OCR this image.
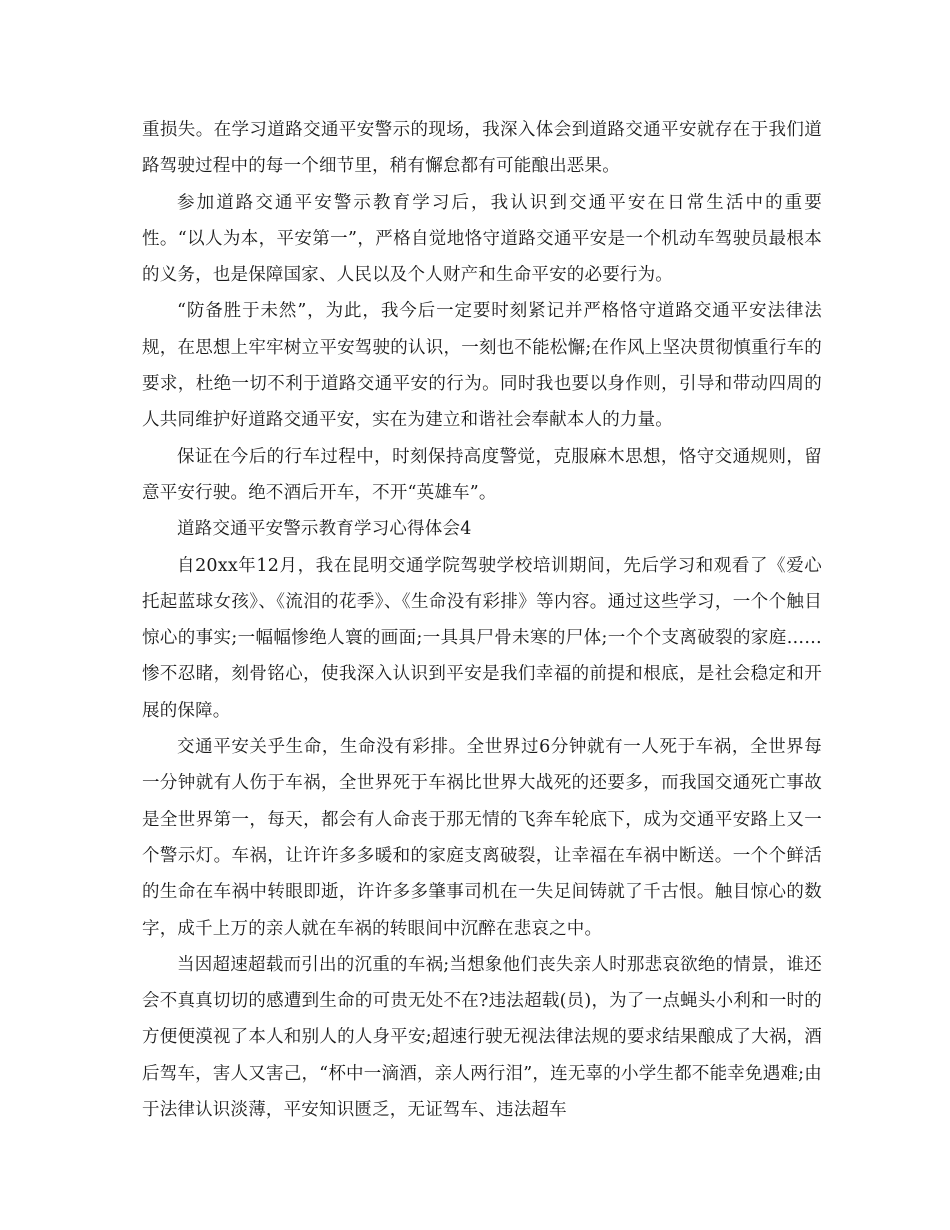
重损失。在学习道路交通平安警示的现场，我深入体会到道路交通平安就存在于我们道路驾驶过程中的每一个细节里，稍有懈怠都有可能酿出恶果。

参加道路交通平安警示教育学习后，我认识到交通平安在日常生活中的重要性。“以人为本，平安第一”，严格自觉地恪守道路交通平安是一个机动车驾驶员最根本的义务，也是保障国家、人民以及个人财产和生命平安的必要行为。

“防备胜于未然”，为此，我今后一定要时刻紧记并严格恪守道路交通平安法律法规，在思想上牢牢树立平安驾驶的认识，一刻也不能松懈;在作风上坚决贯彻慎重行车的要求，杜绝一切不利于道路交通平安的行为。同时我也要以身作则，引导和带动四周的人共同维护好道路交通平安，实在为建立和谐社会奉献本人的力量。

保证在今后的行车过程中，时刻保持高度警觉，克服麻木思想，恪守交通规则，留意平安行驶。绝不酒后开车，不开“英雄车”。

道路交通平安警示教育学习心得体会4

自20xx年12月，我在昆明交通学院驾驶学校培训期间，先后学习和观看了《爱心托起蓝球女孩》、《流泪的花季》、《生命没有彩排》等内容。通过这些学习，一个个触目惊心的事实;一幅幅惨绝人寰的画面;一具具尸骨未寒的尸体;一个个支离破裂的家庭……惨不忍睹，刻骨铭心，使我深入认识到平安是我们幸福的前提和根底，是社会稳定和开展的保障。

交通平安关乎生命，生命没有彩排。全世界过6分钟就有一人死于车祸，全世界每一分钟就有人伤于车祸，全世界死于车祸比世界大战死的还要多，而我国交通死亡事故是全世界第一，每天，都会有人命丧于那无情的飞奔车轮底下，成为交通平安路上又一个警示灯。车祸，让许许多多暖和的家庭支离破裂，让幸福在车祸中断送。一个个鲜活的生命在车祸中转眼即逝，许许多多肇事司机在一失足间铸就了千古恨。触目惊心的数字，成千上万的亲人就在车祸的转眼间中沉醉在悲哀之中。

当因超速超载而引出的沉重的车祸;当想象他们丧失亲人时那悲哀欲绝的情景，谁还会不真真切切的感遭到生命的可贵无处不在?违法超载(员)，为了一点蝇头小利和一时的方便便漠视了本人和别人的人身平安;超速行驶无视法律法规的要求结果酿成了大祸，酒后驾车，害人又害己，“杯中一滴酒，亲人两行泪”，连无辜的小学生都不能幸免遇难;由于法律认识淡薄，平安知识匮乏，无证驾车、违法超车
